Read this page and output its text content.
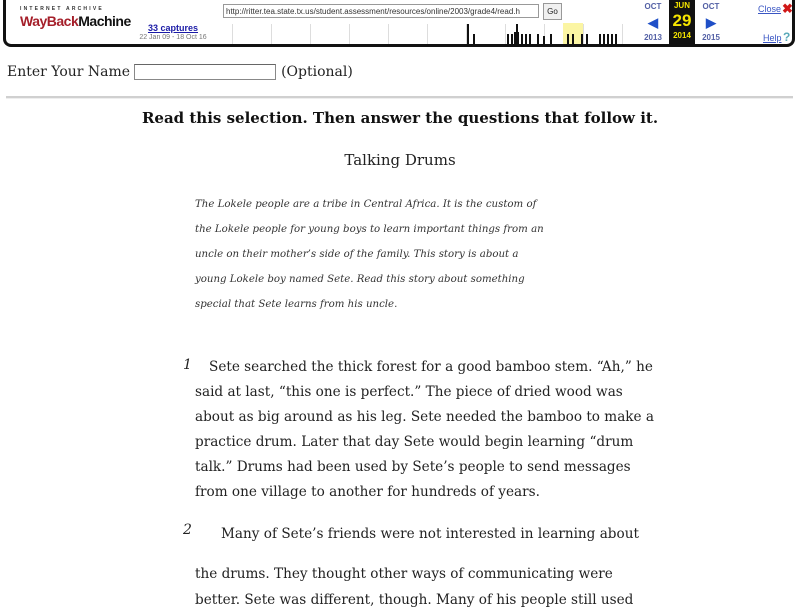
INTERNET ARCHIVE
WayBackMachine	33 captures
22 Jan 09 - 18 Oct 16
http://ritter.tea.state.tx.us/student.assessment/resources/online/2003/grade4/read.h
Go
OCT
◀
2013
JUN
29
2014
OCT
▶
2015
Close ✖
Help ?
Enter Your Name	(Optional)
Read this selection. Then answer the questions that follow it.
Talking Drums
The Lokele people are a tribe in Central Africa. It is the custom of
the Lokele people for young boys to learn important things from an
uncle on their mother’s side of the family. This story is about a
young Lokele boy named Sete. Read this story about something
special that Sete learns from his uncle.
1	Sete searched the thick forest for a good bamboo stem. “Ah,” he
said at last, “this one is perfect.” The piece of dried wood was
about as big around as his leg. Sete needed the bamboo to make a
practice drum. Later that day Sete would begin learning “drum
talk.” Drums had been used by Sete’s people to send messages
from one village to another for hundreds of years.
2	Many of Sete’s friends were not interested in learning about
the drums. They thought other ways of communicating were
better. Sete was different, though. Many of his people still used
